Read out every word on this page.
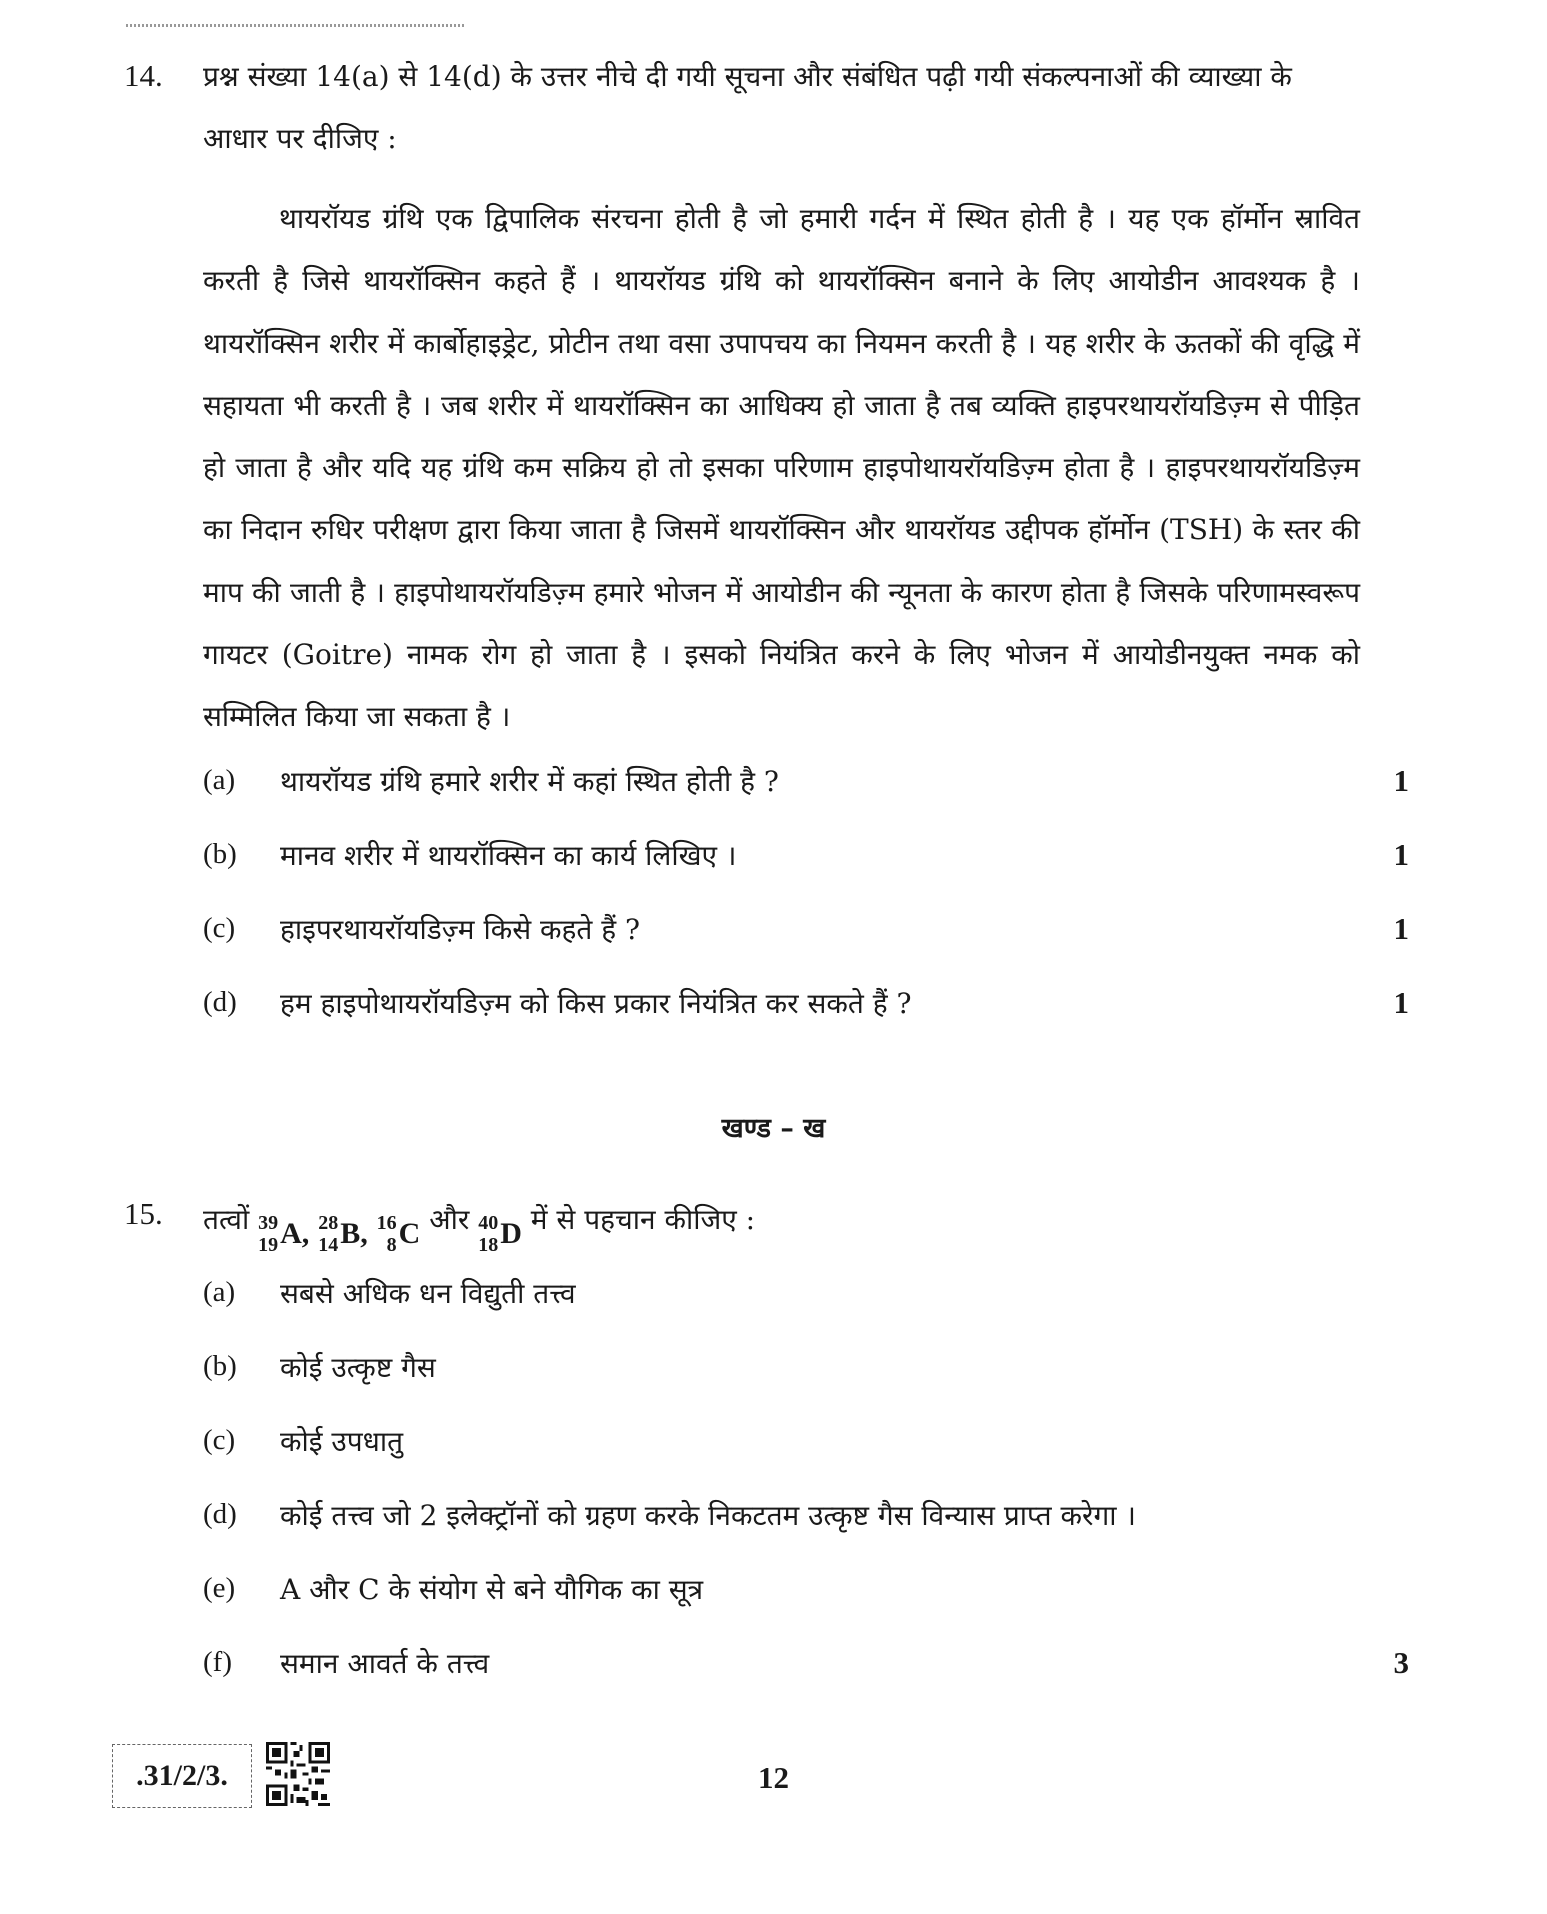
14. प्रश्न संख्या 14(a) से 14(d) के उत्तर नीचे दी गयी सूचना और संबंधित पढ़ी गयी संकल्पनाओं की व्याख्या के आधार पर दीजिए :
थायरॉयड ग्रंथि एक द्विपालिक संरचना होती है जो हमारी गर्दन में स्थित होती है । यह एक हॉर्मोन स्रावित करती है जिसे थायरॉक्सिन कहते हैं । थायरॉयड ग्रंथि को थायरॉक्सिन बनाने के लिए आयोडीन आवश्यक है । थायरॉक्सिन शरीर में कार्बोहाइड्रेट, प्रोटीन तथा वसा उपापचय का नियमन करती है । यह शरीर के ऊतकों की वृद्धि में सहायता भी करती है । जब शरीर में थायरॉक्सिन का आधिक्य हो जाता है तब व्यक्ति हाइपरथायरॉयडिज़्म से पीड़ित हो जाता है और यदि यह ग्रंथि कम सक्रिय हो तो इसका परिणाम हाइपोथायरॉयडिज़्म होता है । हाइपरथायरॉयडिज़्म का निदान रुधिर परीक्षण द्वारा किया जाता है जिसमें थायरॉक्सिन और थायरॉयड उद्दीपक हॉर्मोन (TSH) के स्तर की माप की जाती है । हाइपोथायरॉयडिज़्म हमारे भोजन में आयोडीन की न्यूनता के कारण होता है जिसके परिणामस्वरूप गायटर (Goitre) नामक रोग हो जाता है । इसको नियंत्रित करने के लिए भोजन में आयोडीनयुक्त नमक को सम्मिलित किया जा सकता है ।
(a) थायरॉयड ग्रंथि हमारे शरीर में कहां स्थित होती है ?	1
(b) मानव शरीर में थायरॉक्सिन का कार्य लिखिए ।	1
(c) हाइपरथायरॉयडिज़्म किसे कहते हैं ?	1
(d) हम हाइपोथायरॉयडिज़्म को किस प्रकार नियंत्रित कर सकते हैं ?	1
खण्ड – ख
15. तत्वों 39
19 A ,
28
14 B ,
16
8 C और 40
18 D में से पहचान कीजिए :
(a) सबसे अधिक धन विद्युती तत्त्व
(b) कोई उत्कृष्ट गैस
(c) कोई उपधातु
(d) कोई तत्त्व जो 2 इलेक्ट्रॉनों को ग्रहण करके निकटतम उत्कृष्ट गैस विन्यास प्राप्त करेगा ।
(e) A और C के संयोग से बने यौगिक का सूत्र
(f) समान आवर्त के तत्त्व	3
.31/2/3.	12
